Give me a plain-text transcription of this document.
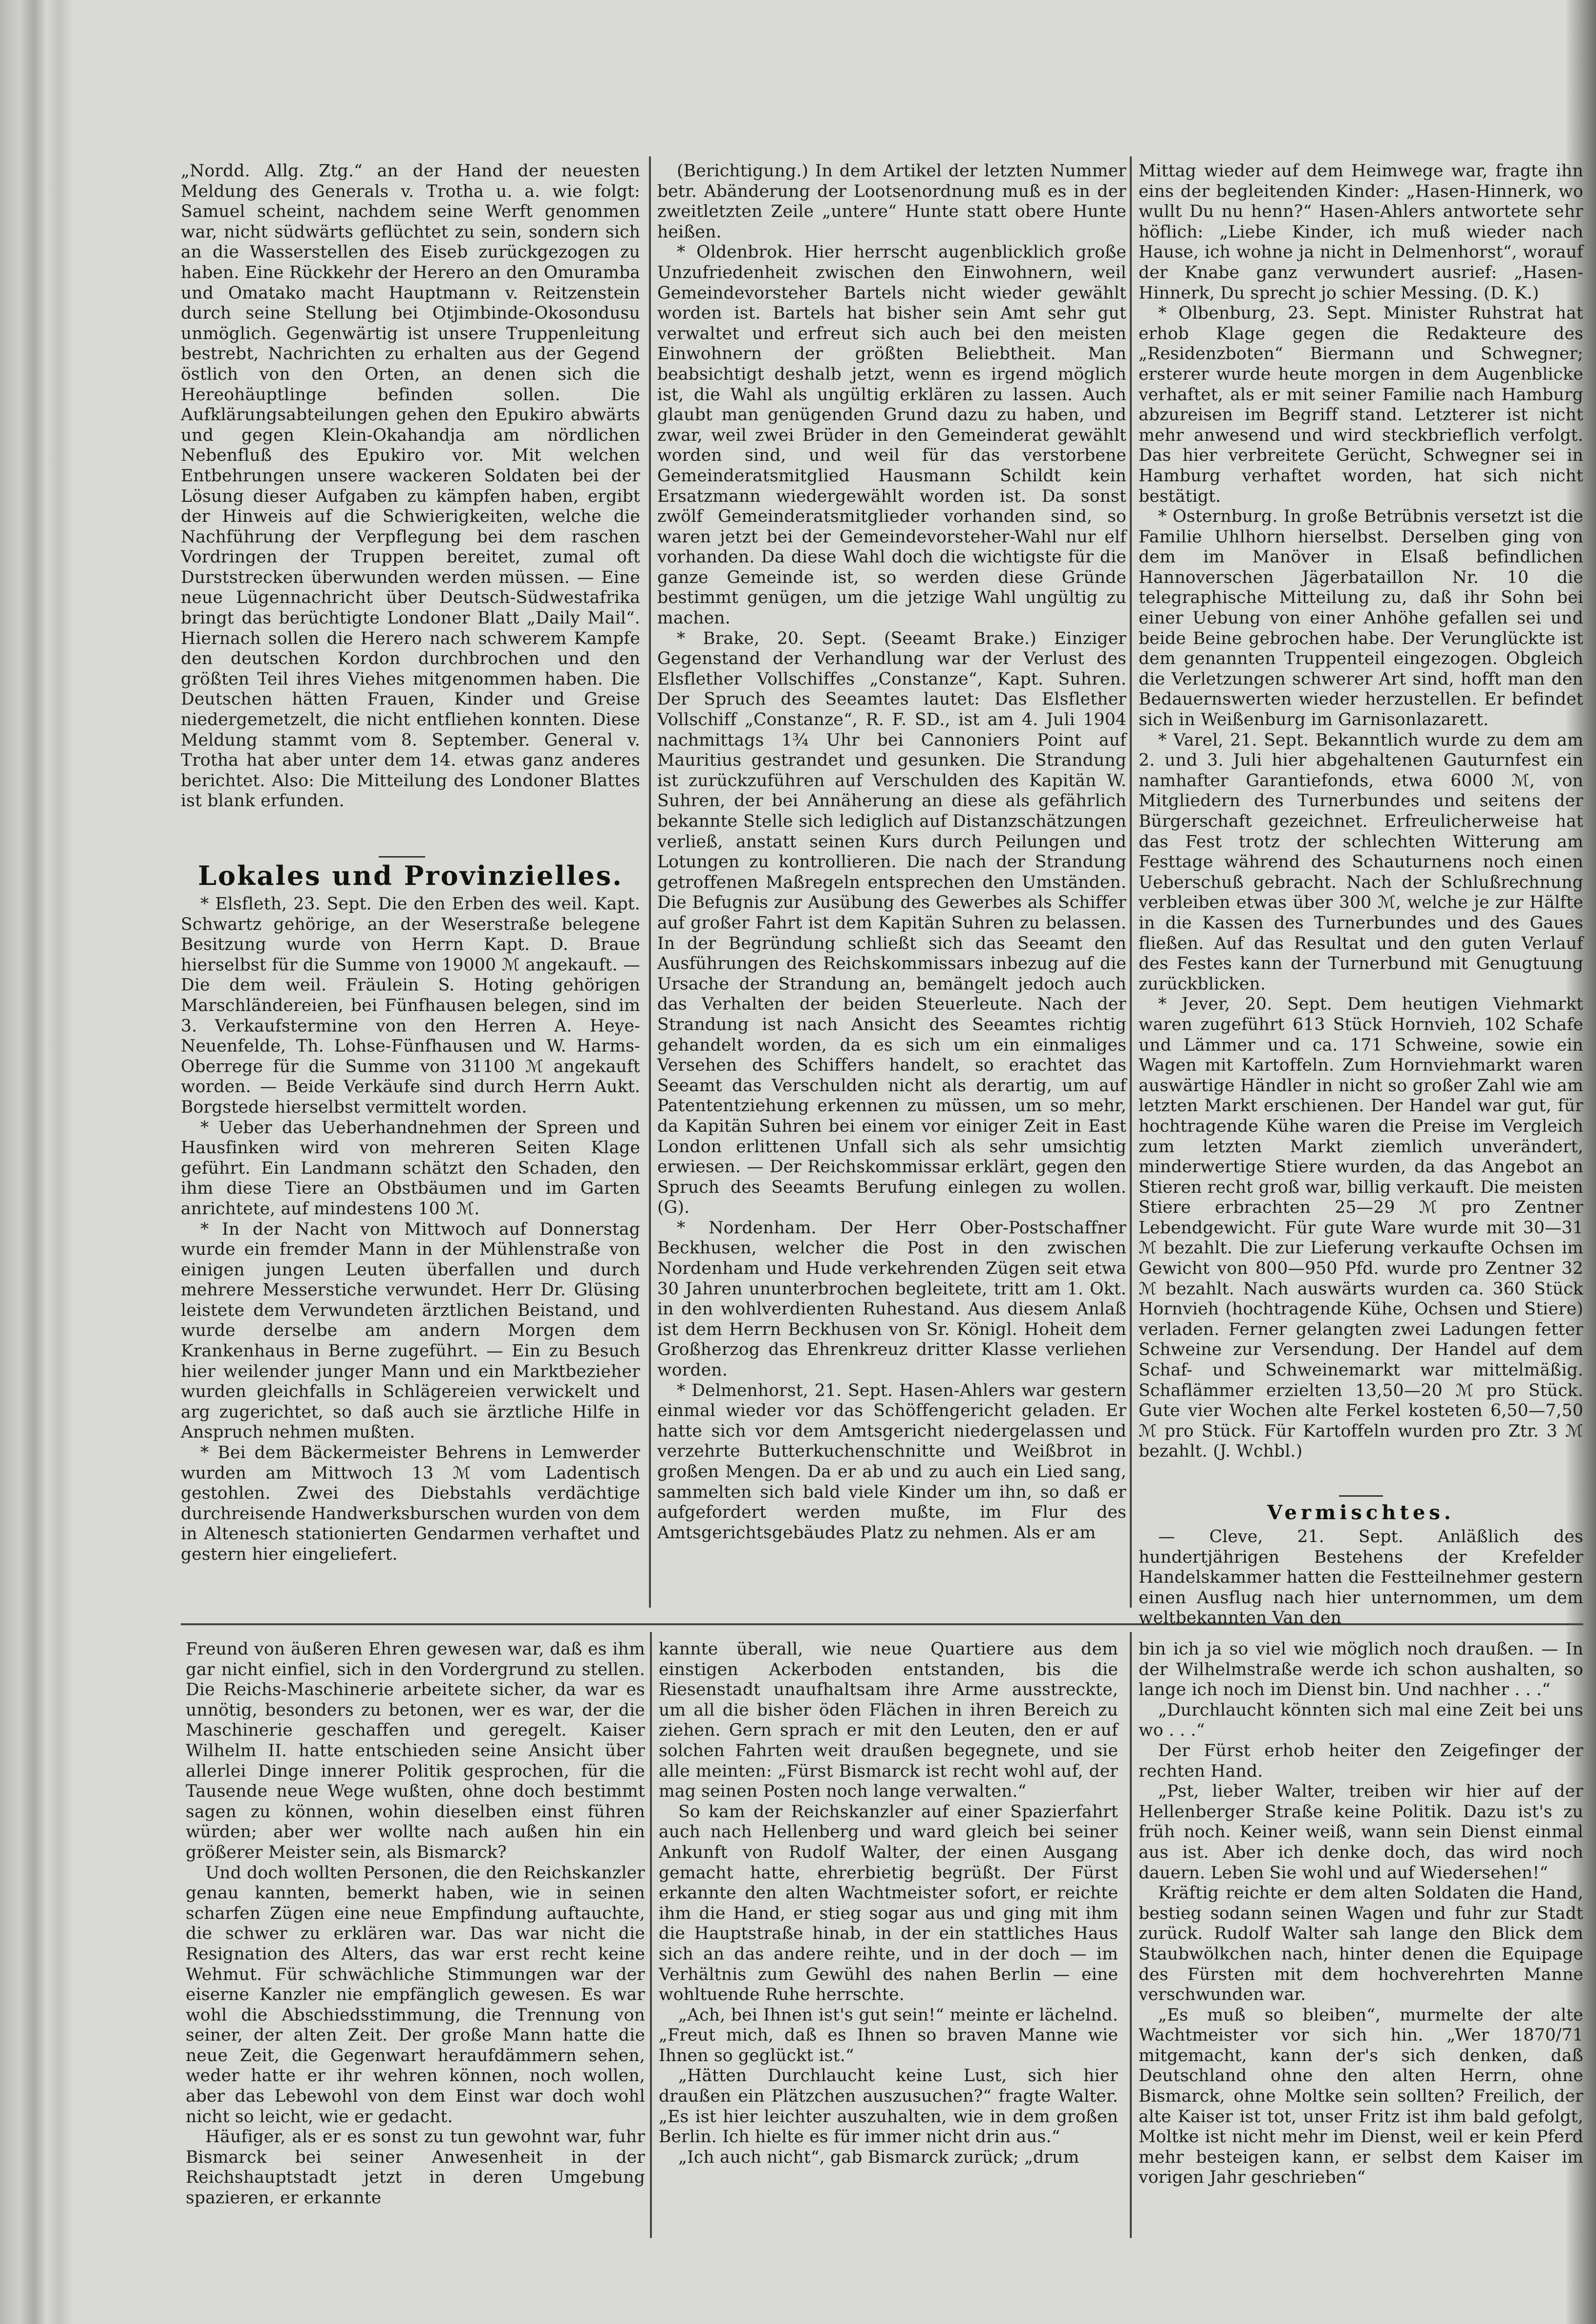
„Nordd. Allg. Ztg.“ an der Hand der neuesten Meldung des Generals v. Trotha u. a. wie folgt: Samuel scheint, nachdem seine Werft genommen war, nicht südwärts geflüchtet zu sein, sondern sich an die Wasserstellen des Eiseb zurückgezogen zu haben. Eine Rückkehr der Herero an den Omuramba und Omatako macht Hauptmann v. Reitzenstein durch seine Stellung bei Otjimbinde-Okosondusu unmöglich. Gegenwärtig ist unsere Truppenleitung bestrebt, Nachrichten zu erhalten aus der Gegend östlich von den Orten, an denen sich die Hereohäuptlinge befinden sollen. Die Aufklärungsabteilungen gehen den Epukiro abwärts und gegen Klein-Okahandja am nördlichen Nebenfluß des Epukiro vor. Mit welchen Entbehrungen unsere wackeren Soldaten bei der Lösung dieser Aufgaben zu kämpfen haben, ergibt der Hinweis auf die Schwierigkeiten, welche die Nachführung der Verpflegung bei dem raschen Vordringen der Truppen bereitet, zumal oft Durststrecken überwunden werden müssen. — Eine neue Lügennachricht über Deutsch-Südwestafrika bringt das berüchtigte Londoner Blatt „Daily Mail“. Hiernach sollen die Herero nach schwerem Kampfe den deutschen Kordon durchbrochen und den größten Teil ihres Viehes mitgenommen haben. Die Deutschen hätten Frauen, Kinder und Greise niedergemetzelt, die nicht entfliehen konnten. Diese Meldung stammt vom 8. September. General v. Trotha hat aber unter dem 14. etwas ganz anderes berichtet. Also: Die Mitteilung des Londoner Blattes ist blank erfunden.

Lokales und Provinzielles.

* Elsfleth, 23. Sept. Die den Erben des weil. Kapt. Schwartz gehörige, an der Weserstraße belegene Besitzung wurde von Herrn Kapt. D. Braue hierselbst für die Summe von 19000 ℳ angekauft. — Die dem weil. Fräulein S. Hoting gehörigen Marschländereien, bei Fünfhausen belegen, sind im 3. Verkaufstermine von den Herren A. Heye-Neuenfelde, Th. Lohse-Fünfhausen und W. Harms-Oberrege für die Summe von 31100 ℳ angekauft worden. — Beide Verkäufe sind durch Herrn Aukt. Borgstede hierselbst vermittelt worden.

* Ueber das Ueberhandnehmen der Spreen und Hausfinken wird von mehreren Seiten Klage geführt. Ein Landmann schätzt den Schaden, den ihm diese Tiere an Obstbäumen und im Garten anrichtete, auf mindestens 100 ℳ.

* In der Nacht von Mittwoch auf Donnerstag wurde ein fremder Mann in der Mühlenstraße von einigen jungen Leuten überfallen und durch mehrere Messerstiche verwundet. Herr Dr. Glüsing leistete dem Verwundeten ärztlichen Beistand, und wurde derselbe am andern Morgen dem Krankenhaus in Berne zugeführt. — Ein zu Besuch hier weilender junger Mann und ein Marktbezieher wurden gleichfalls in Schlägereien verwickelt und arg zugerichtet, so daß auch sie ärztliche Hilfe in Anspruch nehmen mußten.

* Bei dem Bäckermeister Behrens in Lemwerder wurden am Mittwoch 13 ℳ vom Ladentisch gestohlen. Zwei des Diebstahls verdächtige durchreisende Handwerksburschen wurden von dem in Altenesch stationierten Gendarmen verhaftet und gestern hier eingeliefert.

(Berichtigung.) In dem Artikel der letzten Nummer betr. Abänderung der Lootsenordnung muß es in der zweitletzten Zeile „untere“ Hunte statt obere Hunte heißen.

* Oldenbrok. Hier herrscht augenblicklich große Unzufriedenheit zwischen den Einwohnern, weil Gemeindevorsteher Bartels nicht wieder gewählt worden ist. Bartels hat bisher sein Amt sehr gut verwaltet und erfreut sich auch bei den meisten Einwohnern der größten Beliebtheit. Man beabsichtigt deshalb jetzt, wenn es irgend möglich ist, die Wahl als ungültig erklären zu lassen. Auch glaubt man genügenden Grund dazu zu haben, und zwar, weil zwei Brüder in den Gemeinderat gewählt worden sind, und weil für das verstorbene Gemeinderatsmitglied Hausmann Schildt kein Ersatzmann wiedergewählt worden ist. Da sonst zwölf Gemeinderatsmitglieder vorhanden sind, so waren jetzt bei der Gemeindevorsteher-Wahl nur elf vorhanden. Da diese Wahl doch die wichtigste für die ganze Gemeinde ist, so werden diese Gründe bestimmt genügen, um die jetzige Wahl ungültig zu machen.

* Brake, 20. Sept. (Seeamt Brake.) Einziger Gegenstand der Verhandlung war der Verlust des Elsflether Vollschiffes „Constanze“, Kapt. Suhren. Der Spruch des Seeamtes lautet: Das Elsflether Vollschiff „Constanze“, R. F. SD., ist am 4. Juli 1904 nachmittags 1¾ Uhr bei Cannoniers Point auf Mauritius gestrandet und gesunken. Die Strandung ist zurückzuführen auf Verschulden des Kapitän W. Suhren, der bei Annäherung an diese als gefährlich bekannte Stelle sich lediglich auf Distanzschätzungen verließ, anstatt seinen Kurs durch Peilungen und Lotungen zu kontrollieren. Die nach der Strandung getroffenen Maßregeln entsprechen den Umständen. Die Befugnis zur Ausübung des Gewerbes als Schiffer auf großer Fahrt ist dem Kapitän Suhren zu belassen. In der Begründung schließt sich das Seeamt den Ausführungen des Reichskommissars inbezug auf die Ursache der Strandung an, bemängelt jedoch auch das Verhalten der beiden Steuerleute. Nach der Strandung ist nach Ansicht des Seeamtes richtig gehandelt worden, da es sich um ein einmaliges Versehen des Schiffers handelt, so erachtet das Seeamt das Verschulden nicht als derartig, um auf Patententziehung erkennen zu müssen, um so mehr, da Kapitän Suhren bei einem vor einiger Zeit in East London erlittenen Unfall sich als sehr umsichtig erwiesen. — Der Reichskommissar erklärt, gegen den Spruch des Seeamts Berufung einlegen zu wollen. (G).

* Nordenham. Der Herr Ober-Postschaffner Beckhusen, welcher die Post in den zwischen Nordenham und Hude verkehrenden Zügen seit etwa 30 Jahren ununterbrochen begleitete, tritt am 1. Okt. in den wohlverdienten Ruhestand. Aus diesem Anlaß ist dem Herrn Beckhusen von Sr. Königl. Hoheit dem Großherzog das Ehrenkreuz dritter Klasse verliehen worden.

* Delmenhorst, 21. Sept. Hasen-Ahlers war gestern einmal wieder vor das Schöffengericht geladen. Er hatte sich vor dem Amtsgericht niedergelassen und verzehrte Butterkuchenschnitte und Weißbrot in großen Mengen. Da er ab und zu auch ein Lied sang, sammelten sich bald viele Kinder um ihn, so daß er aufgefordert werden mußte, im Flur des Amtsgerichtsgebäudes Platz zu nehmen. Als er am

Mittag wieder auf dem Heimwege war, fragte ihn eins der begleitenden Kinder: „Hasen-Hinnerk, wo wullt Du nu henn?“ Hasen-Ahlers antwortete sehr höflich: „Liebe Kinder, ich muß wieder nach Hause, ich wohne ja nicht in Delmenhorst“, worauf der Knabe ganz verwundert ausrief: „Hasen-Hinnerk, Du sprecht jo schier Messing. (D. K.)

* Olbenburg, 23. Sept. Minister Ruhstrat hat erhob Klage gegen die Redakteure des „Residenzboten“ Biermann und Schwegner; ersterer wurde heute morgen in dem Augenblicke verhaftet, als er mit seiner Familie nach Hamburg abzureisen im Begriff stand. Letzterer ist nicht mehr anwesend und wird steckbrieflich verfolgt. Das hier verbreitete Gerücht, Schwegner sei in Hamburg verhaftet worden, hat sich nicht bestätigt.

* Osternburg. In große Betrübnis versetzt ist die Familie Uhlhorn hierselbst. Derselben ging von dem im Manöver in Elsaß befindlichen Hannoverschen Jägerbataillon Nr. 10 die telegraphische Mitteilung zu, daß ihr Sohn bei einer Uebung von einer Anhöhe gefallen sei und beide Beine gebrochen habe. Der Verunglückte ist dem genannten Truppenteil eingezogen. Obgleich die Verletzungen schwerer Art sind, hofft man den Bedauernswerten wieder herzustellen. Er befindet sich in Weißenburg im Garnisonlazarett.

* Varel, 21. Sept. Bekanntlich wurde zu dem am 2. und 3. Juli hier abgehaltenen Gauturnfest ein namhafter Garantiefonds, etwa 6000 ℳ, von Mitgliedern des Turnerbundes und seitens der Bürgerschaft gezeichnet. Erfreulicherweise hat das Fest trotz der schlechten Witterung am Festtage während des Schauturnens noch einen Ueberschuß gebracht. Nach der Schlußrechnung verbleiben etwas über 300 ℳ, welche je zur Hälfte in die Kassen des Turnerbundes und des Gaues fließen. Auf das Resultat und den guten Verlauf des Festes kann der Turnerbund mit Genugtuung zurückblicken.

* Jever, 20. Sept. Dem heutigen Viehmarkt waren zugeführt 613 Stück Hornvieh, 102 Schafe und Lämmer und ca. 171 Schweine, sowie ein Wagen mit Kartoffeln. Zum Hornviehmarkt waren auswärtige Händler in nicht so großer Zahl wie am letzten Markt erschienen. Der Handel war gut, für hochtragende Kühe waren die Preise im Vergleich zum letzten Markt ziemlich unverändert, minderwertige Stiere wurden, da das Angebot an Stieren recht groß war, billig verkauft. Die meisten Stiere erbrachten 25—29 ℳ pro Zentner Lebendgewicht. Für gute Ware wurde mit 30—31 ℳ bezahlt. Die zur Lieferung verkaufte Ochsen im Gewicht von 800—950 Pfd. wurde pro Zentner 32 ℳ bezahlt. Nach auswärts wurden ca. 360 Stück Hornvieh (hochtragende Kühe, Ochsen und Stiere) verladen. Ferner gelangten zwei Ladungen fetter Schweine zur Versendung. Der Handel auf dem Schaf- und Schweinemarkt war mittelmäßig. Schaflämmer erzielten 13,50—20 ℳ pro Stück. Gute vier Wochen alte Ferkel kosteten 6,50—7,50 ℳ pro Stück. Für Kartoffeln wurden pro Ztr. 3 ℳ bezahlt. (J. Wchbl.)

Vermischtes.

— Cleve, 21. Sept. Anläßlich des hundertjährigen Bestehens der Krefelder Handelskammer hatten die Festteilnehmer gestern einen Ausflug nach hier unternommen, um dem weltbekannten Van den

Freund von äußeren Ehren gewesen war, daß es ihm gar nicht einfiel, sich in den Vordergrund zu stellen. Die Reichs-Maschinerie arbeitete sicher, da war es unnötig, besonders zu betonen, wer es war, der die Maschinerie geschaffen und geregelt. Kaiser Wilhelm II. hatte entschieden seine Ansicht über allerlei Dinge innerer Politik gesprochen, für die Tausende neue Wege wußten, ohne doch bestimmt sagen zu können, wohin dieselben einst führen würden; aber wer wollte nach außen hin ein größerer Meister sein, als Bismarck?

Und doch wollten Personen, die den Reichskanzler genau kannten, bemerkt haben, wie in seinen scharfen Zügen eine neue Empfindung auftauchte, die schwer zu erklären war. Das war nicht die Resignation des Alters, das war erst recht keine Wehmut. Für schwächliche Stimmungen war der eiserne Kanzler nie empfänglich gewesen. Es war wohl die Abschiedsstimmung, die Trennung von seiner, der alten Zeit. Der große Mann hatte die neue Zeit, die Gegenwart heraufdämmern sehen, weder hatte er ihr wehren können, noch wollen, aber das Lebewohl von dem Einst war doch wohl nicht so leicht, wie er gedacht.

Häufiger, als er es sonst zu tun gewohnt war, fuhr Bismarck bei seiner Anwesenheit in der Reichshauptstadt jetzt in deren Umgebung spazieren, er erkannte

kannte überall, wie neue Quartiere aus dem einstigen Ackerboden entstanden, bis die Riesenstadt unaufhaltsam ihre Arme ausstreckte, um all die bisher öden Flächen in ihren Bereich zu ziehen. Gern sprach er mit den Leuten, den er auf solchen Fahrten weit draußen begegnete, und sie alle meinten: „Fürst Bismarck ist recht wohl auf, der mag seinen Posten noch lange verwalten.“

So kam der Reichskanzler auf einer Spazierfahrt auch nach Hellenberg und ward gleich bei seiner Ankunft von Rudolf Walter, der einen Ausgang gemacht hatte, ehrerbietig begrüßt. Der Fürst erkannte den alten Wachtmeister sofort, er reichte ihm die Hand, er stieg sogar aus und ging mit ihm die Hauptstraße hinab, in der ein stattliches Haus sich an das andere reihte, und in der doch — im Verhältnis zum Gewühl des nahen Berlin — eine wohltuende Ruhe herrschte.

„Ach, bei Ihnen ist's gut sein!“ meinte er lächelnd. „Freut mich, daß es Ihnen so braven Manne wie Ihnen so geglückt ist.“

„Hätten Durchlaucht keine Lust, sich hier draußen ein Plätzchen auszusuchen?“ fragte Walter. „Es ist hier leichter auszuhalten, wie in dem großen Berlin. Ich hielte es für immer nicht drin aus.“

„Ich auch nicht“, gab Bismarck zurück; „drum

bin ich ja so viel wie möglich noch draußen. — In der Wilhelmstraße werde ich schon aushalten, so lange ich noch im Dienst bin. Und nachher . . .“

„Durchlaucht könnten sich mal eine Zeit bei uns wo . . .“

Der Fürst erhob heiter den Zeigefinger der rechten Hand.

„Pst, lieber Walter, treiben wir hier auf der Hellenberger Straße keine Politik. Dazu ist's zu früh noch. Keiner weiß, wann sein Dienst einmal aus ist. Aber ich denke doch, das wird noch dauern. Leben Sie wohl und auf Wiedersehen!“

Kräftig reichte er dem alten Soldaten die Hand, bestieg sodann seinen Wagen und fuhr zur Stadt zurück. Rudolf Walter sah lange den Blick dem Staubwölkchen nach, hinter denen die Equipage des Fürsten mit dem hochverehrten Manne verschwunden war.

„Es muß so bleiben“, murmelte der alte Wachtmeister vor sich hin. „Wer 1870/71 mitgemacht, kann der's sich denken, daß Deutschland ohne den alten Herrn, ohne Bismarck, ohne Moltke sein sollten? Freilich, der alte Kaiser ist tot, unser Fritz ist ihm bald gefolgt, Moltke ist nicht mehr im Dienst, weil er kein Pferd mehr besteigen kann, er selbst dem Kaiser im vorigen Jahr geschrieben“
